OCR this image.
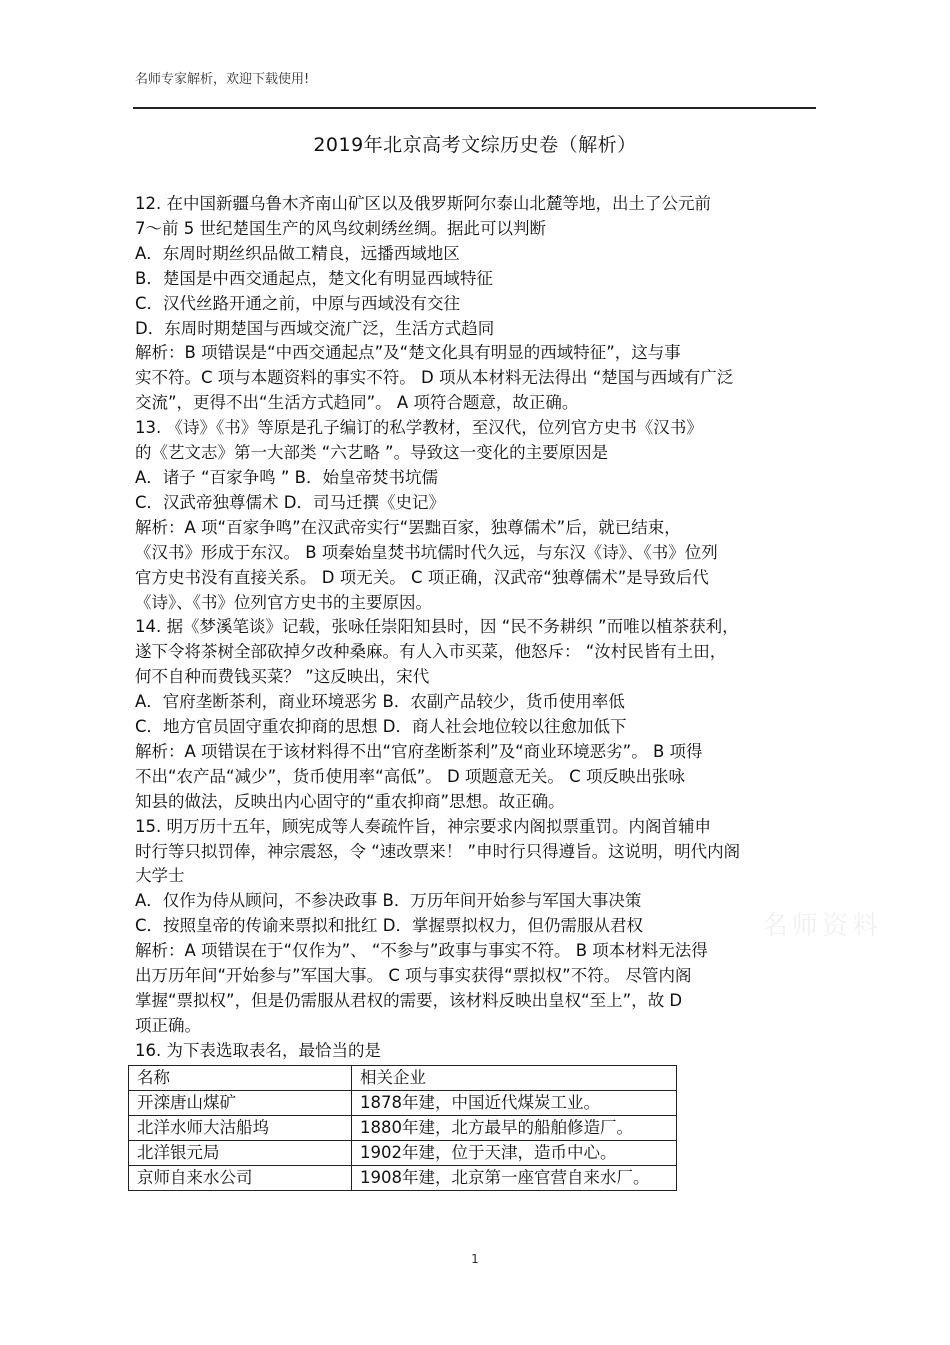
名师专家解析，欢迎下载使用!
2019年北京高考文综历史卷（解析）
12. 在中国新疆乌鲁木齐南山矿区以及俄罗斯阿尔泰山北麓等地，出土了公元前
7～前 5 世纪楚国生产的风鸟纹刺绣丝绸。据此可以判断
A．东周时期丝织品做工精良，远播西域地区
B．楚国是中西交通起点，楚文化有明显西域特征
C．汉代丝路开通之前，中原与西域没有交往
D．东周时期楚国与西域交流广泛，生活方式趋同
解析：B 项错误是“中西交通起点”及“楚文化具有明显的西域特征”，这与事
实不符。C 项与本题资料的事实不符。 D 项从本材料无法得出 “楚国与西域有广泛
交流”，更得不出“生活方式趋同”。 A 项符合题意，故正确。
13. 《诗》《书》等原是孔子编订的私学教材，至汉代，位列官方史书《汉书》
的《艺文志》第一大部类 “六艺略 ”。导致这一变化的主要原因是
A．诸子 “百家争鸣 ” B．始皇帝焚书坑儒
C．汉武帝独尊儒术 D．司马迁撰《史记》
解析：A 项“百家争鸣”在汉武帝实行“罢黜百家，独尊儒术”后，就已结束，
《汉书》形成于东汉。 B 项秦始皇焚书坑儒时代久远，与东汉《诗》、《书》位列
官方史书没有直接关系。 D 项无关。 C 项正确，汉武帝“独尊儒术”是导致后代
《诗》、《书》位列官方史书的主要原因。
14. 据《梦溪笔谈》记载，张咏任崇阳知县时，因 “民不务耕织 ”而唯以植茶获利，
遂下令将茶树全部砍掉夕改种桑麻。有人入市买菜，他怒斥： “汝村民皆有土田，
何不自种而费钱买菜？ ”这反映出，宋代
A．官府垄断茶利，商业环境恶劣 B．农副产品较少，货币使用率低
C．地方官员固守重农抑商的思想 D．商人社会地位较以往愈加低下
解析：A 项错误在于该材料得不出“官府垄断茶利”及“商业环境恶劣”。 B 项得
不出“农产品“减少”，货币使用率“高低”。 D 项题意无关。 C 项反映出张咏
知县的做法，反映出内心固守的“重农抑商”思想。故正确。
15. 明万历十五年，顾宪成等人奏疏忤旨，神宗要求内阁拟票重罚。内阁首辅申
时行等只拟罚俸，神宗震怒，令 “速改票来！ ”申时行只得遵旨。这说明，明代内阁
大学士
A．仅作为侍从顾问，不参决政事 B．万历年间开始参与军国大事决策
C．按照皇帝的传谕来票拟和批红 D．掌握票拟权力，但仍需服从君权
解析：A 项错误在于“仅作为”、 “不参与”政事与事实不符。 B 项本材料无法得
出万历年间“开始参与”军国大事。 C 项与事实获得“票拟权”不符。 尽管内阁
掌握“票拟权”，但是仍需服从君权的需要，该材料反映出皇权“至上”，故 D
项正确。
16. 为下表选取表名，最恰当的是
名师资料
名称	相关企业
开滦唐山煤矿	1878年建，中国近代煤炭工业。
北洋水师大沽船坞	1880年建，北方最早的船舶修造厂。
北洋银元局	1902年建，位于天津，造币中心。
京师自来水公司	1908年建，北京第一座官营自来水厂。
1
